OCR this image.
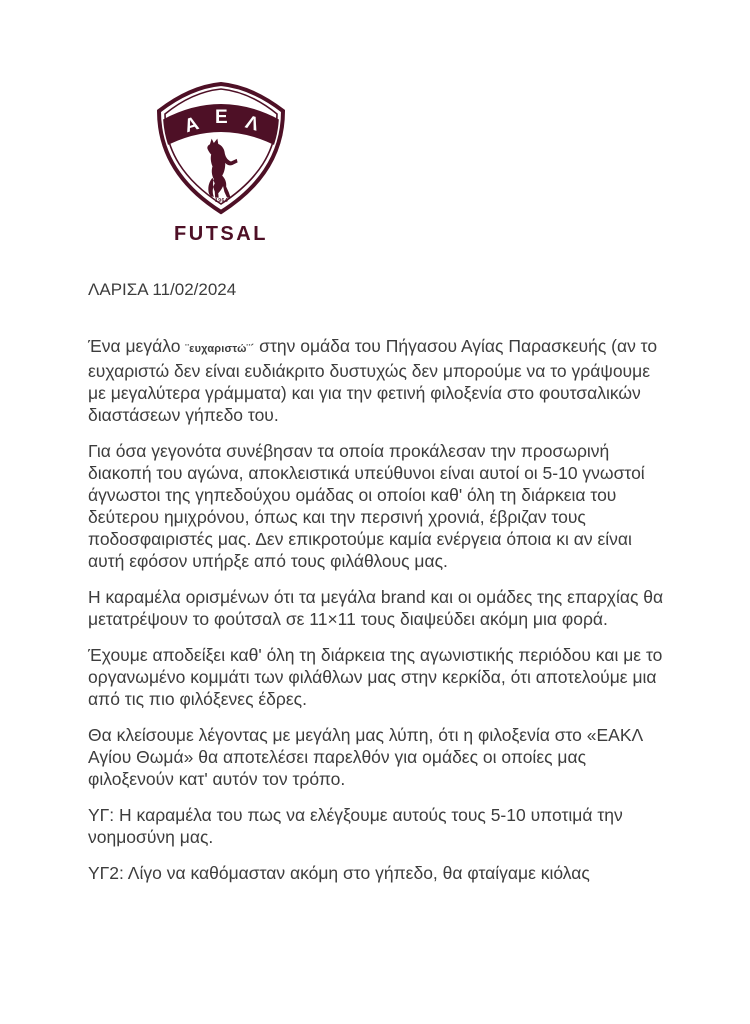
Α Ε Λ
1964
FUTSAL
ΛΑΡΙΣΑ 11/02/2024

Ένα μεγάλο ¨ευχαριστώ¨´ στην ομάδα του Πήγασου Αγίας Παρασκευής (αν το ευχαριστώ δεν είναι ευδιάκριτο δυστυχώς δεν μπορούμε να το γράψουμε με μεγαλύτερα γράμματα) και για την φετινή φιλοξενία στο φουτσαλικών διαστάσεων γήπεδο του.

Για όσα γεγονότα συνέβησαν τα οποία προκάλεσαν την προσωρινή διακοπή του αγώνα, αποκλειστικά υπεύθυνοι είναι αυτοί οι 5-10 γνωστοί άγνωστοι της γηπεδούχου ομάδας οι οποίοι καθ' όλη τη διάρκεια του δεύτερου ημιχρόνου, όπως και την περσινή χρονιά, έβριζαν τους ποδοσφαιριστές μας. Δεν επικροτούμε καμία ενέργεια όποια κι αν είναι αυτή εφόσον υπήρξε από τους φιλάθλους μας.

Η καραμέλα ορισμένων ότι τα μεγάλα brand και οι ομάδες της επαρχίας θα μετατρέψουν το φούτσαλ σε 11×11 τους διαψεύδει ακόμη μια φορά.

Έχουμε αποδείξει καθ' όλη τη διάρκεια της αγωνιστικής περιόδου και με το οργανωμένο κομμάτι των φιλάθλων μας στην κερκίδα, ότι αποτελούμε μια από τις πιο φιλόξενες έδρες.

Θα κλείσουμε λέγοντας με μεγάλη μας λύπη, ότι η φιλοξενία στο «ΕΑΚΛ Αγίου Θωμά» θα αποτελέσει παρελθόν για ομάδες οι οποίες μας φιλοξενούν κατ' αυτόν τον τρόπο.

ΥΓ: Η καραμέλα του πως να ελέγξουμε αυτούς τους 5-10 υποτιμά την νοημοσύνη μας.

ΥΓ2: Λίγο να καθόμασταν ακόμη στο γήπεδο, θα φταίγαμε κιόλας
